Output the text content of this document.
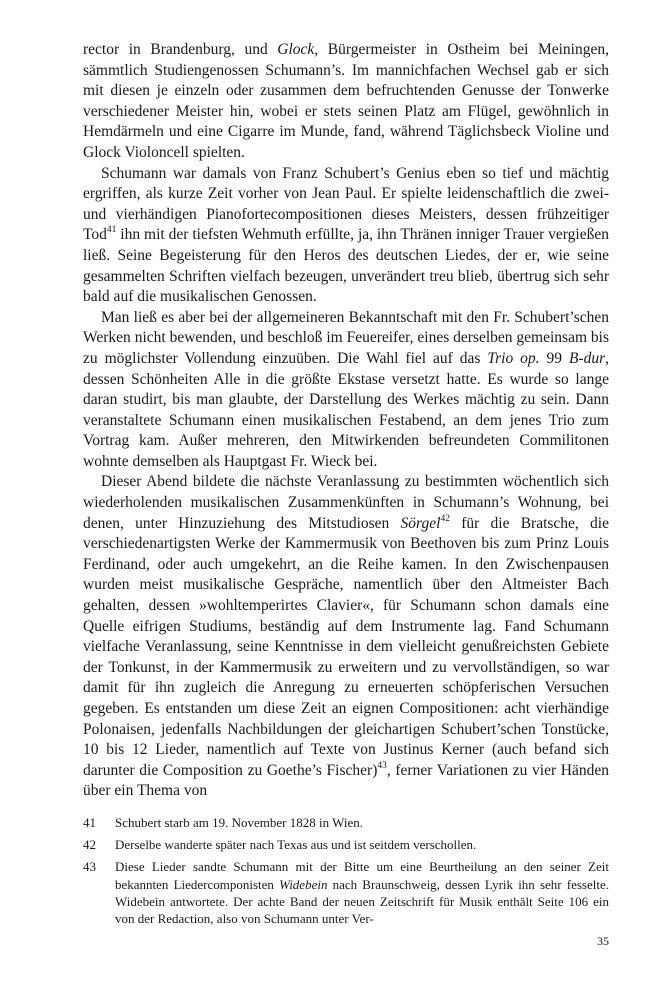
rector in Brandenburg, und Glock, Bürgermeister in Ostheim bei Meiningen, sämmtlich Studiengenossen Schumann’s. Im mannichfachen Wechsel gab er sich mit diesen je einzeln oder zusammen dem befruchtenden Genusse der Tonwerke verschiedener Meister hin, wobei er stets seinen Platz am Flügel, gewöhnlich in Hemdärmeln und eine Cigarre im Munde, fand, während Täglichsbeck Violine und Glock Violoncell spielten.

Schumann war damals von Franz Schubert’s Genius eben so tief und mächtig ergriffen, als kurze Zeit vorher von Jean Paul. Er spielte leidenschaftlich die zwei- und vierhändigen Pianofortecompositionen dieses Meisters, dessen frühzeitiger Tod$^{41}$ ihn mit der tiefsten Wehmuth erfüllte, ja, ihn Thränen inniger Trauer vergießen ließ. Seine Begeisterung für den Heros des deutschen Liedes, der er, wie seine gesammelten Schriften vielfach bezeugen, unverändert treu blieb, übertrug sich sehr bald auf die musikalischen Genossen.

Man ließ es aber bei der allgemeineren Bekanntschaft mit den Fr. Schubert’schen Werken nicht bewenden, und beschloß im Feuereifer, eines derselben gemeinsam bis zu möglichster Vollendung einzuüben. Die Wahl fiel auf das Trio op. 99 B-dur, dessen Schönheiten Alle in die größte Ekstase versetzt hatte. Es wurde so lange daran studirt, bis man glaubte, der Darstellung des Werkes mächtig zu sein. Dann veranstaltete Schumann einen musikalischen Festabend, an dem jenes Trio zum Vortrag kam. Außer mehreren, den Mitwirkenden befreundeten Commilitonen wohnte demselben als Hauptgast Fr. Wieck bei.

Dieser Abend bildete die nächste Veranlassung zu bestimmten wöchentlich sich wiederholenden musikalischen Zusammenkünften in Schumann’s Wohnung, bei denen, unter Hinzuziehung des Mitstudiosen Sörgel$^{42}$ für die Bratsche, die verschiedenartigsten Werke der Kammermusik von Beethoven bis zum Prinz Louis Ferdinand, oder auch umgekehrt, an die Reihe kamen. In den Zwischenpausen wurden meist musikalische Gespräche, namentlich über den Altmeister Bach gehalten, dessen »wohltemperirtes Clavier«, für Schumann schon damals eine Quelle eifrigen Studiums, beständig auf dem Instrumente lag. Fand Schumann vielfache Veranlassung, seine Kenntnisse in dem vielleicht genußreichsten Gebiete der Tonkunst, in der Kammermusik zu erweitern und zu vervollständigen, so war damit für ihn zugleich die Anregung zu erneuerten schöpferischen Versuchen gegeben. Es entstanden um diese Zeit an eignen Compositionen: acht vierhändige Polonaisen, jedenfalls Nachbildungen der gleichartigen Schubert’schen Tonstücke, 10 bis 12 Lieder, namentlich auf Texte von Justinus Kerner (auch befand sich darunter die Composition zu Goethe’s Fischer)$^{43}$, ferner Variationen zu vier Händen über ein Thema von

41	Schubert starb am 19. November 1828 in Wien.
42	Derselbe wanderte später nach Texas aus und ist seitdem verschollen.
43	Diese Lieder sandte Schumann mit der Bitte um eine Beurtheilung an den seiner Zeit bekannten Liedercomponisten Widebein nach Braunschweig, dessen Lyrik ihn sehr fesselte. Widebein antwortete. Der achte Band der neuen Zeitschrift für Musik enthält Seite 106 ein von der Redaction, also von Schumann unter Ver-
35
